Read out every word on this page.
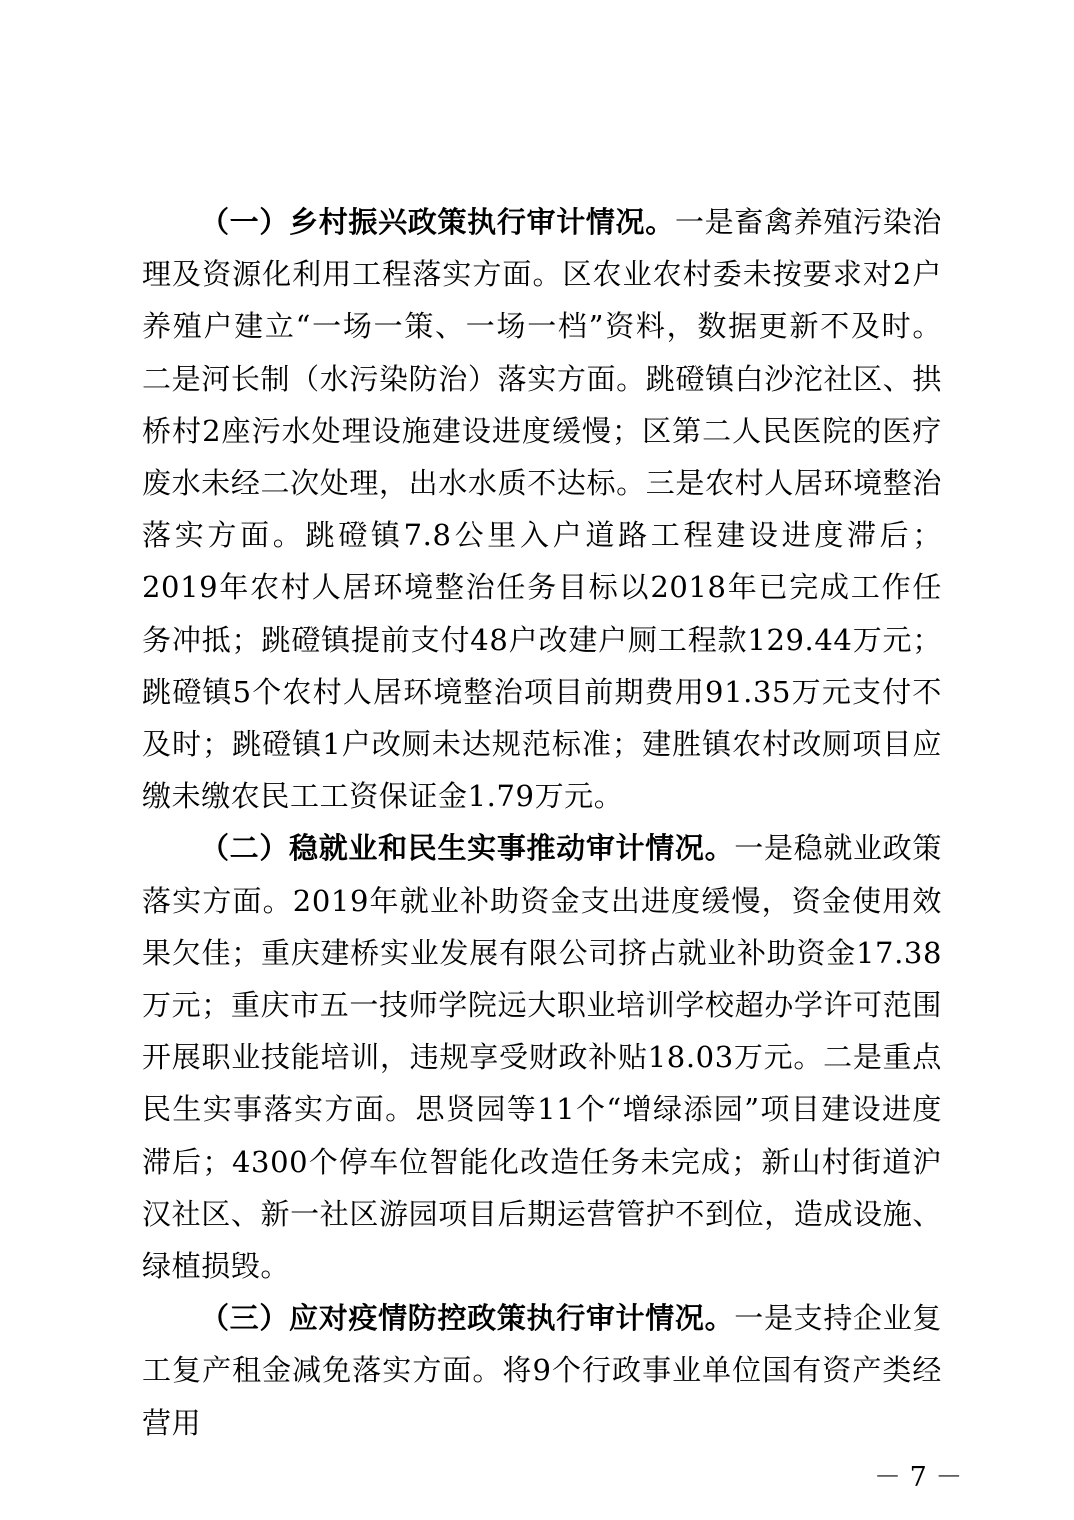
（一）乡村振兴政策执行审计情况。一是畜禽养殖污染治理及资源化利用工程落实方面。区农业农村委未按要求对2户养殖户建立“一场一策、一场一档”资料，数据更新不及时。二是河长制（水污染防治）落实方面。跳磴镇白沙沱社区、拱桥村2座污水处理设施建设进度缓慢；区第二人民医院的医疗废水未经二次处理，出水水质不达标。三是农村人居环境整治落实方面。跳磴镇7.8公里入户道路工程建设进度滞后；2019年农村人居环境整治任务目标以2018年已完成工作任务冲抵；跳磴镇提前支付48户改建户厕工程款129.44万元；跳磴镇5个农村人居环境整治项目前期费用91.35万元支付不及时；跳磴镇1户改厕未达规范标准；建胜镇农村改厕项目应缴未缴农民工工资保证金1.79万元。

（二）稳就业和民生实事推动审计情况。一是稳就业政策落实方面。2019年就业补助资金支出进度缓慢，资金使用效果欠佳；重庆建桥实业发展有限公司挤占就业补助资金17.38万元；重庆市五一技师学院远大职业培训学校超办学许可范围开展职业技能培训，违规享受财政补贴18.03万元。二是重点民生实事落实方面。思贤园等11个“增绿添园”项目建设进度滞后；4300个停车位智能化改造任务未完成；新山村街道沪汉社区、新一社区游园项目后期运营管护不到位，造成设施、绿植损毁。

（三）应对疫情防控政策执行审计情况。一是支持企业复工复产租金减免落实方面。将9个行政事业单位国有资产类经营用

－ 7 －
